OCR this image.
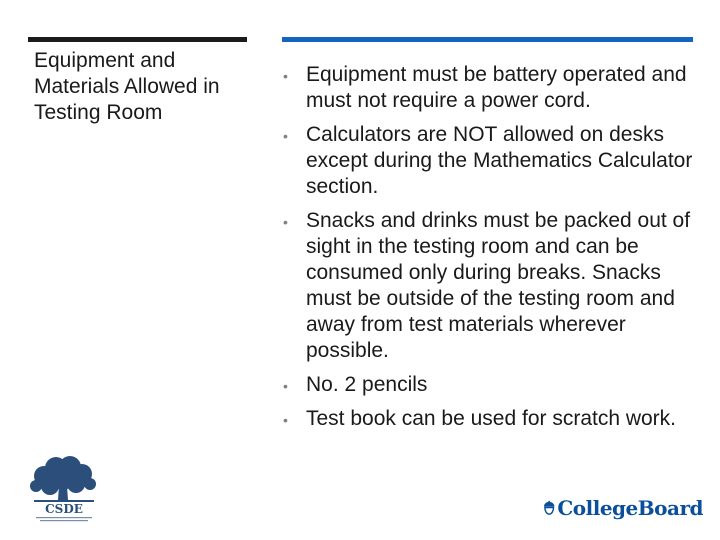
Equipment and Materials Allowed in Testing Room
• Equipment must be battery operated and must not require a power cord.
• Calculators are NOT allowed on desks except during the Mathematics Calculator section.
• Snacks and drinks must be packed out of sight in the testing room and can be consumed only during breaks. Snacks must be outside of the testing room and away from test materials wherever possible.
• No. 2 pencils
• Test book can be used for scratch work.
CSDE	CollegeBoard
